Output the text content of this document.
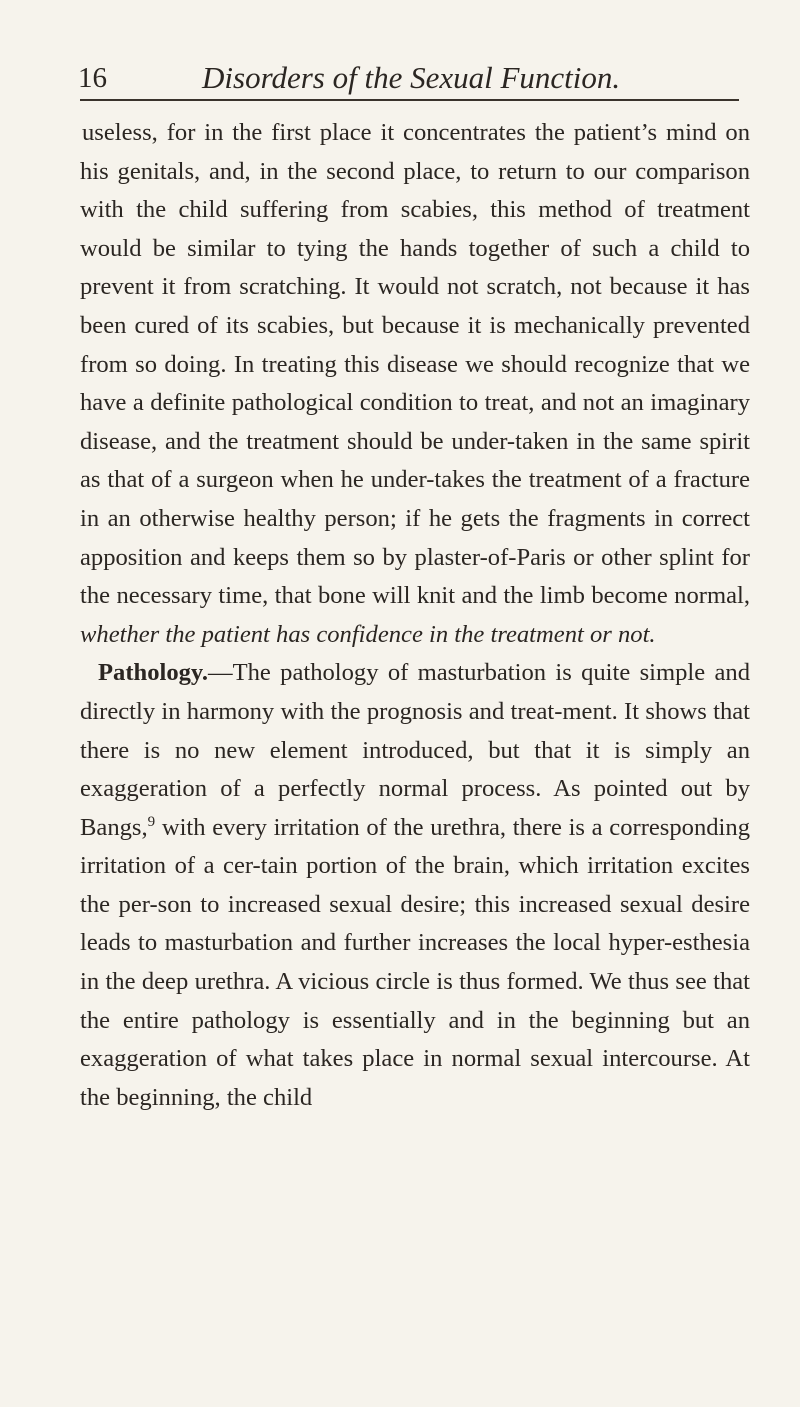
16	Disorders of the Sexual Function.

useless, for in the first place it concentrates the patient’s mind on his genitals, and, in the second place, to return to our comparison with the child suffering from scabies, this method of treatment would be similar to tying the hands together of such a child to prevent it from scratching. It would not scratch, not because it has been cured of its scabies, but because it is mechanically prevented from so doing. In treating this disease we should recognize that we have a definite pathological condition to treat, and not an imaginary disease, and the treatment should be under-taken in the same spirit as that of a surgeon when he under-takes the treatment of a fracture in an otherwise healthy person; if he gets the fragments in correct apposition and keeps them so by plaster-of-Paris or other splint for the necessary time, that bone will knit and the limb become normal, whether the patient has confidence in the treatment or not.

Pathology.—The pathology of masturbation is quite simple and directly in harmony with the prognosis and treat-ment. It shows that there is no new element introduced, but that it is simply an exaggeration of a perfectly normal process. As pointed out by Bangs,$^9$ with every irritation of the urethra, there is a corresponding irritation of a cer-tain portion of the brain, which irritation excites the per-son to increased sexual desire; this increased sexual desire leads to masturbation and further increases the local hyper-esthesia in the deep urethra. A vicious circle is thus formed. We thus see that the entire pathology is essentially and in the beginning but an exaggeration of what takes place in normal sexual intercourse. At the beginning, the child
